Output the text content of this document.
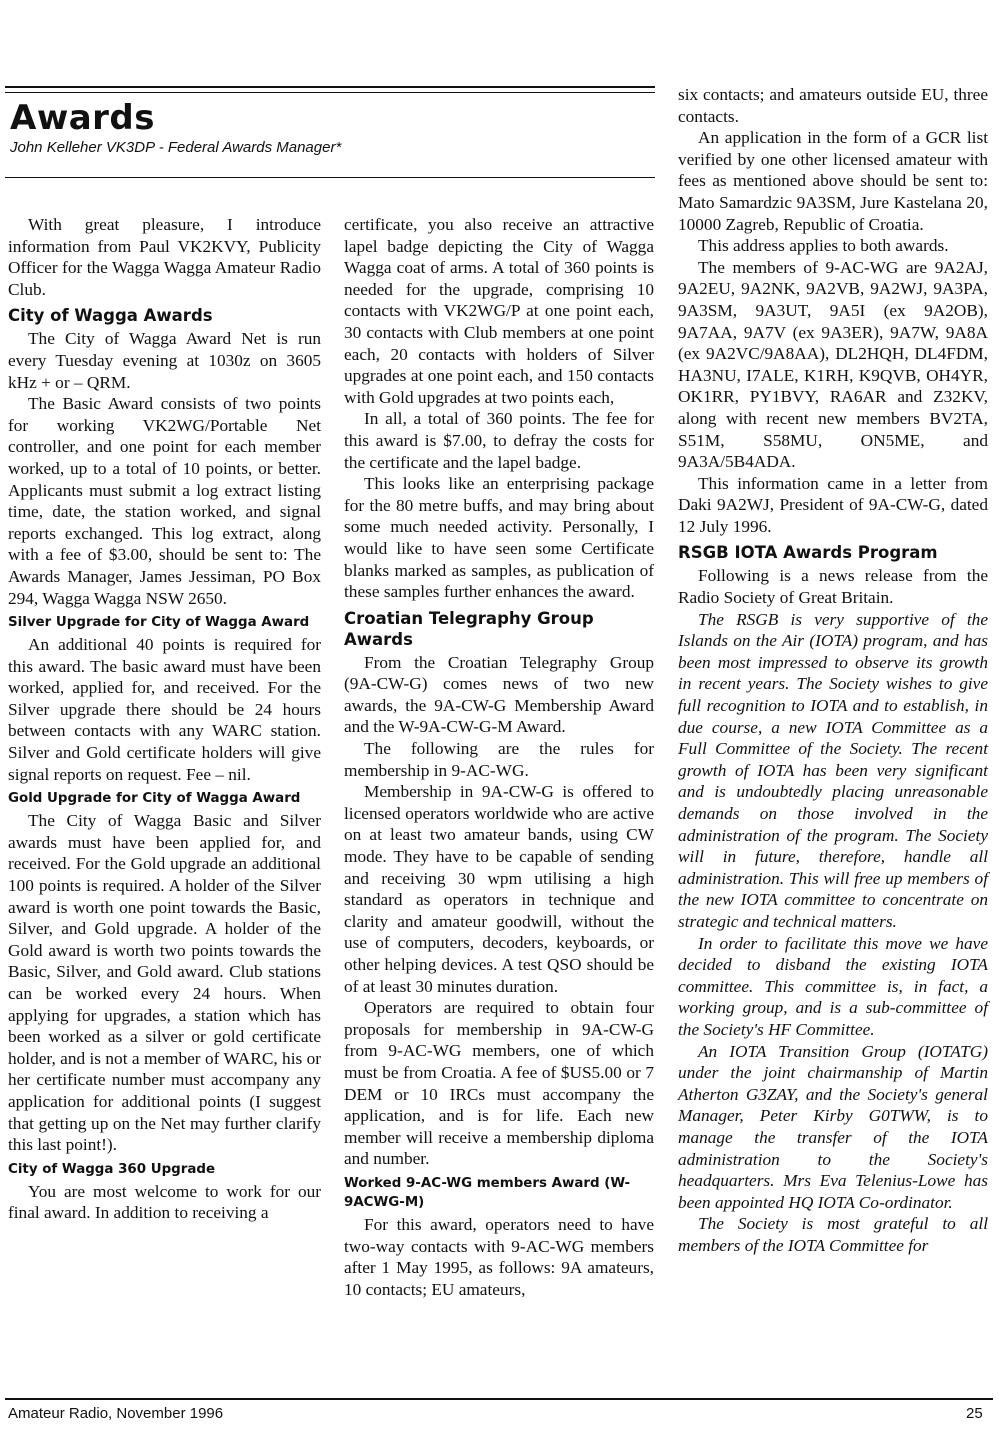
Awards

John Kelleher VK3DP - Federal Awards Manager*

With great pleasure, I introduce information from Paul VK2KVY, Publicity Officer for the Wagga Wagga Amateur Radio Club.

City of Wagga Awards

The City of Wagga Award Net is run every Tuesday evening at 1030z on 3605 kHz + or – QRM.

The Basic Award consists of two points for working VK2WG/Portable Net controller, and one point for each member worked, up to a total of 10 points, or better. Applicants must submit a log extract listing time, date, the station worked, and signal reports exchanged. This log extract, along with a fee of $3.00, should be sent to: The Awards Manager, James Jessiman, PO Box 294, Wagga Wagga NSW 2650.

Silver Upgrade for City of Wagga Award

An additional 40 points is required for this award. The basic award must have been worked, applied for, and received. For the Silver upgrade there should be 24 hours between contacts with any WARC station. Silver and Gold certificate holders will give signal reports on request. Fee – nil.

Gold Upgrade for City of Wagga Award

The City of Wagga Basic and Silver awards must have been applied for, and received. For the Gold upgrade an additional 100 points is required. A holder of the Silver award is worth one point towards the Basic, Silver, and Gold upgrade. A holder of the Gold award is worth two points towards the Basic, Silver, and Gold award. Club stations can be worked every 24 hours. When applying for upgrades, a station which has been worked as a silver or gold certificate holder, and is not a member of WARC, his or her certificate number must accompany any application for additional points (I suggest that getting up on the Net may further clarify this last point!).

City of Wagga 360 Upgrade

You are most welcome to work for our final award. In addition to receiving a

certificate, you also receive an attractive lapel badge depicting the City of Wagga Wagga coat of arms. A total of 360 points is needed for the upgrade, comprising 10 contacts with VK2WG/P at one point each, 30 contacts with Club members at one point each, 20 contacts with holders of Silver upgrades at one point each, and 150 contacts with Gold upgrades at two points each,

In all, a total of 360 points. The fee for this award is $7.00, to defray the costs for the certificate and the lapel badge.

This looks like an enterprising package for the 80 metre buffs, and may bring about some much needed activity. Personally, I would like to have seen some Certificate blanks marked as samples, as publication of these samples further enhances the award.

Croatian Telegraphy Group Awards

From the Croatian Telegraphy Group (9A-CW-G) comes news of two new awards, the 9A-CW-G Membership Award and the W-9A-CW-G-M Award.

The following are the rules for membership in 9-AC-WG.

Membership in 9A-CW-G is offered to licensed operators worldwide who are active on at least two amateur bands, using CW mode. They have to be capable of sending and receiving 30 wpm utilising a high standard as operators in technique and clarity and amateur goodwill, without the use of computers, decoders, keyboards, or other helping devices. A test QSO should be of at least 30 minutes duration.

Operators are required to obtain four proposals for membership in 9A-CW-G from 9-AC-WG members, one of which must be from Croatia. A fee of $US5.00 or 7 DEM or 10 IRCs must accompany the application, and is for life. Each new member will receive a membership diploma and number.

Worked 9-AC-WG members Award (W-9ACWG-M)

For this award, operators need to have two-way contacts with 9-AC-WG members after 1 May 1995, as follows: 9A amateurs, 10 contacts; EU amateurs,

six contacts; and amateurs outside EU, three contacts.

An application in the form of a GCR list verified by one other licensed amateur with fees as mentioned above should be sent to: Mato Samardzic 9A3SM, Jure Kastelana 20, 10000 Zagreb, Republic of Croatia.

This address applies to both awards.

The members of 9-AC-WG are 9A2AJ, 9A2EU, 9A2NK, 9A2VB, 9A2WJ, 9A3PA, 9A3SM, 9A3UT, 9A5I (ex 9A2OB), 9A7AA, 9A7V (ex 9A3ER), 9A7W, 9A8A (ex 9A2VC/9A8AA), DL2HQH, DL4FDM, HA3NU, I7ALE, K1RH, K9QVB, OH4YR, OK1RR, PY1BVY, RA6AR and Z32KV, along with recent new members BV2TA, S51M, S58MU, ON5ME, and 9A3A/5B4ADA.

This information came in a letter from Daki 9A2WJ, President of 9A-CW-G, dated 12 July 1996.

RSGB IOTA Awards Program

Following is a news release from the Radio Society of Great Britain.

The RSGB is very supportive of the Islands on the Air (IOTA) program, and has been most impressed to observe its growth in recent years. The Society wishes to give full recognition to IOTA and to establish, in due course, a new IOTA Committee as a Full Committee of the Society. The recent growth of IOTA has been very significant and is undoubtedly placing unreasonable demands on those involved in the administration of the program. The Society will in future, therefore, handle all administration. This will free up members of the new IOTA committee to concentrate on strategic and technical matters.

In order to facilitate this move we have decided to disband the existing IOTA committee. This committee is, in fact, a working group, and is a sub-committee of the Society's HF Committee.

An IOTA Transition Group (IOTATG) under the joint chairmanship of Martin Atherton G3ZAY, and the Society's general Manager, Peter Kirby G0TWW, is to manage the transfer of the IOTA administration to the Society's headquarters. Mrs Eva Telenius-Lowe has been appointed HQ IOTA Co-ordinator.

The Society is most grateful to all members of the IOTA Committee for

Amateur Radio, November 1996	25
